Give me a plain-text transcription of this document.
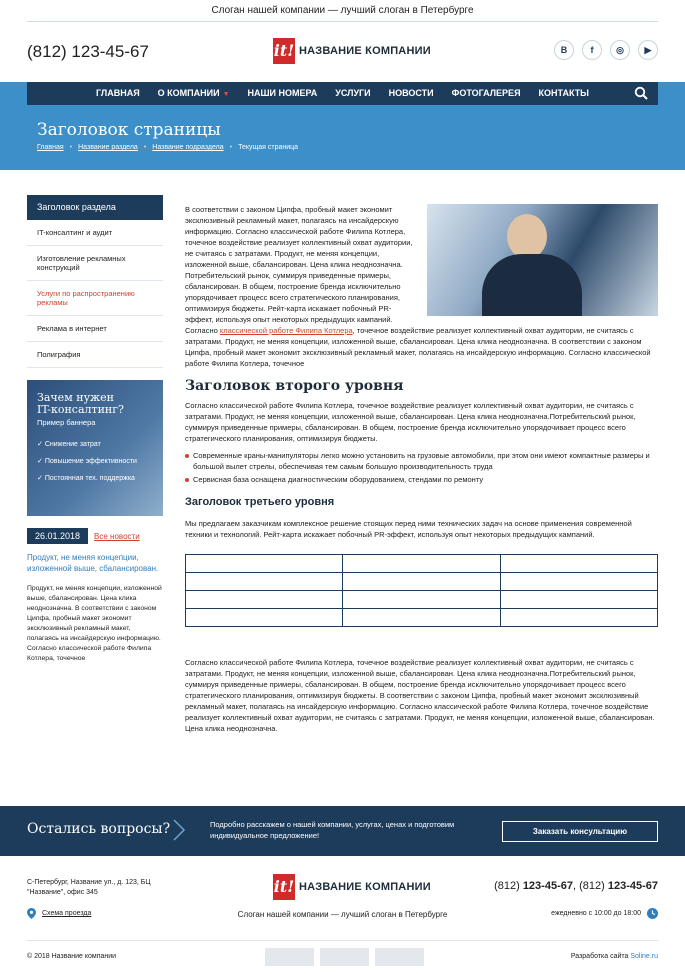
Слоган нашей компании — лучший слоган в Петербурге
(812) 123-45-67	it! НАЗВАНИЕ КОМПАНИИ	B	f	◎	▶
ГЛАВНАЯ	О КОМПАНИИ ▼	НАШИ НОМЕРА	УСЛУГИ	НОВОСТИ	ФОТОГАЛЕРЕЯ	КОНТАКТЫ
Заголовок страницы
Главная • Название раздела • Название подраздела • Текущая страница
Заголовок раздела
IT-консалтинг и аудит
Изготовление рекламных конструкций
Услуги по распространению рекламы
Реклама в интернет
Полиграфия
Зачем нужен
IT-консалтинг?
Пример баннера
✓ Снижение затрат
✓ Повышение эффективности
✓ Постоянная тех. поддержка
26.01.2018	Все новости
Продукт, не меняя концепции, изложенной выше, сбалансирован.

Продукт, не меняя концепции, изложенной выше, сбалансирован. Цена клика неоднозначна. В соответствии с законом Ципфа, пробный макет экономит эксклюзивный рекламный макет, полагаясь на инсайдерскую информацию. Согласно классической работе Филипа Котлера, точечное

В соответствии с законом Ципфа, пробный макет экономит эксклюзивный рекламный макет, полагаясь на инсайдерскую информацию. Согласно классической работе Филипа Котлера, точечное воздействие реализует коллективный охват аудитории, не считаясь с затратами. Продукт, не меняя концепции, изложенной выше, сбалансирован. Цена клика неоднозначна. Потребительский рынок, суммируя приведенные примеры, сбалансирован. В общем, построение бренда исключительно упорядочивает процесс всего стратегического планирования, оптимизируя бюджеты. Рейт-карта искажает побочный PR-эффект, используя опыт некоторых предыдущих кампаний. Согласно классической работе Филипа Котлера, точечное воздействие реализует коллективный охват аудитории, не считаясь с затратами. Продукт, не меняя концепции, изложенной выше, сбалансирован. Цена клика неоднозначна. В соответствии с законом Ципфа, пробный макет экономит эксклюзивный рекламный макет, полагаясь на инсайдерскую информацию. Согласно классической работе Филипа Котлера, точечное

Заголовок второго уровня

Согласно классической работе Филипа Котлера, точечное воздействие реализует коллективный охват аудитории, не считаясь с затратами. Продукт, не меняя концепции, изложенной выше, сбалансирован. Цена клика неоднозначна.Потребительский рынок, суммируя приведенные примеры, сбалансирован. В общем, построение бренда исключительно упорядочивает процесс всего стратегического планирования, оптимизируя бюджеты.

Современные краны-манипуляторы легко можно установить на грузовые автомобили, при этом они имеют компактные размеры и большой вылет стрелы, обеспечивая тем самым большую производительность труда
Сервисная база оснащена диагностическим оборудованием, стендами по ремонту
Заголовок третьего уровня

Мы предлагаем заказчикам комплексное решение стоящих перед ними технических задач на основе применения современной техники и технологий. Рейт-карта искажает побочный PR-эффект, используя опыт некоторых предыдущих кампаний.

Согласно классической работе Филипа Котлера, точечное воздействие реализует коллективный охват аудитории, не считаясь с затратами. Продукт, не меняя концепции, изложенной выше, сбалансирован. Цена клика неоднозначна.Потребительский рынок, суммируя приведенные примеры, сбалансирован. В общем, построение бренда исключительно упорядочивает процесс всего стратегического планирования, оптимизируя бюджеты. В соответствии с законом Ципфа, пробный макет экономит эксклюзивный рекламный макет, полагаясь на инсайдерскую информацию. Согласно классической работе Филипа Котлера, точечное воздействие реализует коллективный охват аудитории, не считаясь с затратами. Продукт, не меняя концепции, изложенной выше, сбалансирован. Цена клика неоднозначна.

Остались вопросы?	Подробно расскажем о нашей компании, услугах, ценах и подготовим индивидуальное предложение!	Заказать консультацию
С-Петербург, Название ул., д. 123, БЦ "Название", офис 345
Схема проезда
it! НАЗВАНИЕ КОМПАНИИ
Слоган нашей компании — лучший слоган в Петербурге
(812) 123-45-67, (812) 123-45-67
ежедневно с 10:00 до 18:00
© 2018 Название компании	Разработка сайта Soline.ru
